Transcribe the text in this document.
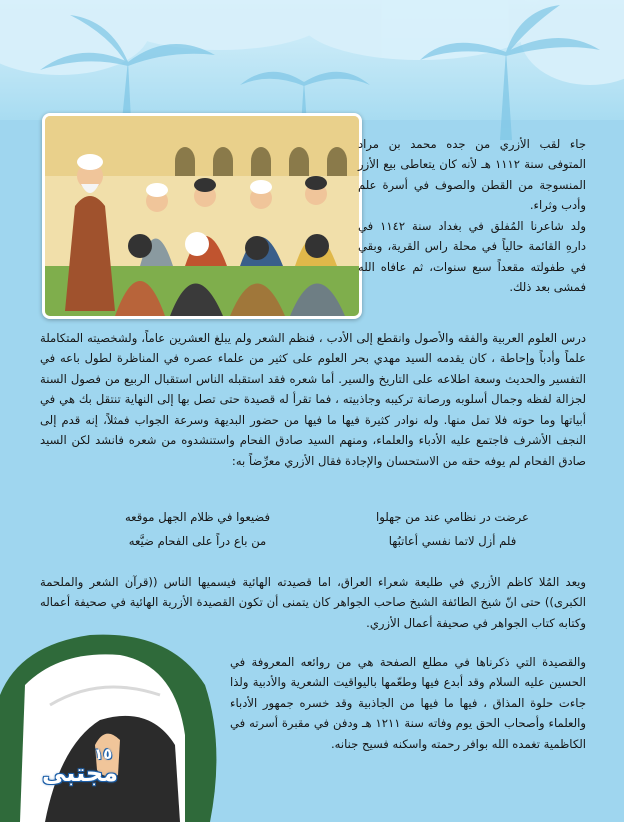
جاء لقب الأزري من جده محمد بن مراد المتوفى سنة ١١١٢ هـ لأنه كان يتعاطى بيع الأزر المنسوجة من القطن والصوف في أسرة علم وأدب وثراء.
ولد شاعرنا المُفلق في بغداد سنة ١١٤٢ في دارهِ القائمة حالياً في محلة راس القرية، وبقي في طفولته مقعداً سبع سنوات، ثم عافاه الله فمشى بعد ذلك.

درس العلوم العربية والفقه والأصول وانقطع إلى الأدب ، فنظم الشعر ولم يبلغ العشرين عاماً، ولشخصيته المتكاملة علماً وأدباً وإحاطة ، كان يقدمه السيد مهدي بحر العلوم على كثير من علماء عصره في المناظرة لطول باعه في التفسير والحديث وسعة اطلاعه على التاريخ والسير. أما شعره فقد استقبله الناس استقبال الربيع من فصول السنة لجزالة لفظه وجمال أسلوبه ورصانة تركيبه وجاذبيته ، فما تقرأ له قصيدة حتى تصل بها إلى النهاية تنتقل بك هي في أبياتها وما حوته فلا تمل منها. وله نوادر كثيرة فيها ما فيها من حضور البديهة وسرعة الجواب فمثلاً، إنه قدم إلى النجف الأشرف فاجتمع عليه الأدباء والعلماء، ومنهم السيد صادق الفحام واستنشدوه من شعره فانشد لكن السيد صادق الفحام لم يوفه حقه من الاستحسان والإجادة فقال الأزري معرِّضاً به:

عرضت در نظامي عند من جهلوا
فضيعوا في ظلام الجهل موقعه
فلم أزل لاتما نفسي أعاتبُها
من باع دراً على الفحام ضيَّعه

ويعد المُلا كاظم الأزري في طليعة شعراء العراق، اما قصيدته الهائية فيسميها الناس ((قرآن الشعر والملحمة الكبرى)) حتى انّ شيخ الطائفة الشيخ صاحب الجواهر كان يتمنى أن تكون القصيدة الأزرية الهائية في صحيفة أعماله وكتابه كتاب الجواهر في صحيفة أعمال الأزري.

والقصيدة التي ذكرناها في مطلع الصفحة هي من روائعه المعروفة في الحسين عليه السلام وقد أبدع فيها وطعّمها باليواقيت الشعرية والأدبية ولذا جاءت حلوة المذاق ، فيها ما فيها من الجاذبية وقد خسره جمهور الأدباء والعلماء وأصحاب الحق يوم وفاته سنة ١٢١١ هـ ودفن في مقبرة أسرته في الكاظمية تغمده الله بوافر رحمته واسكنه فسيح جنانه.

١٥
مجتبى
